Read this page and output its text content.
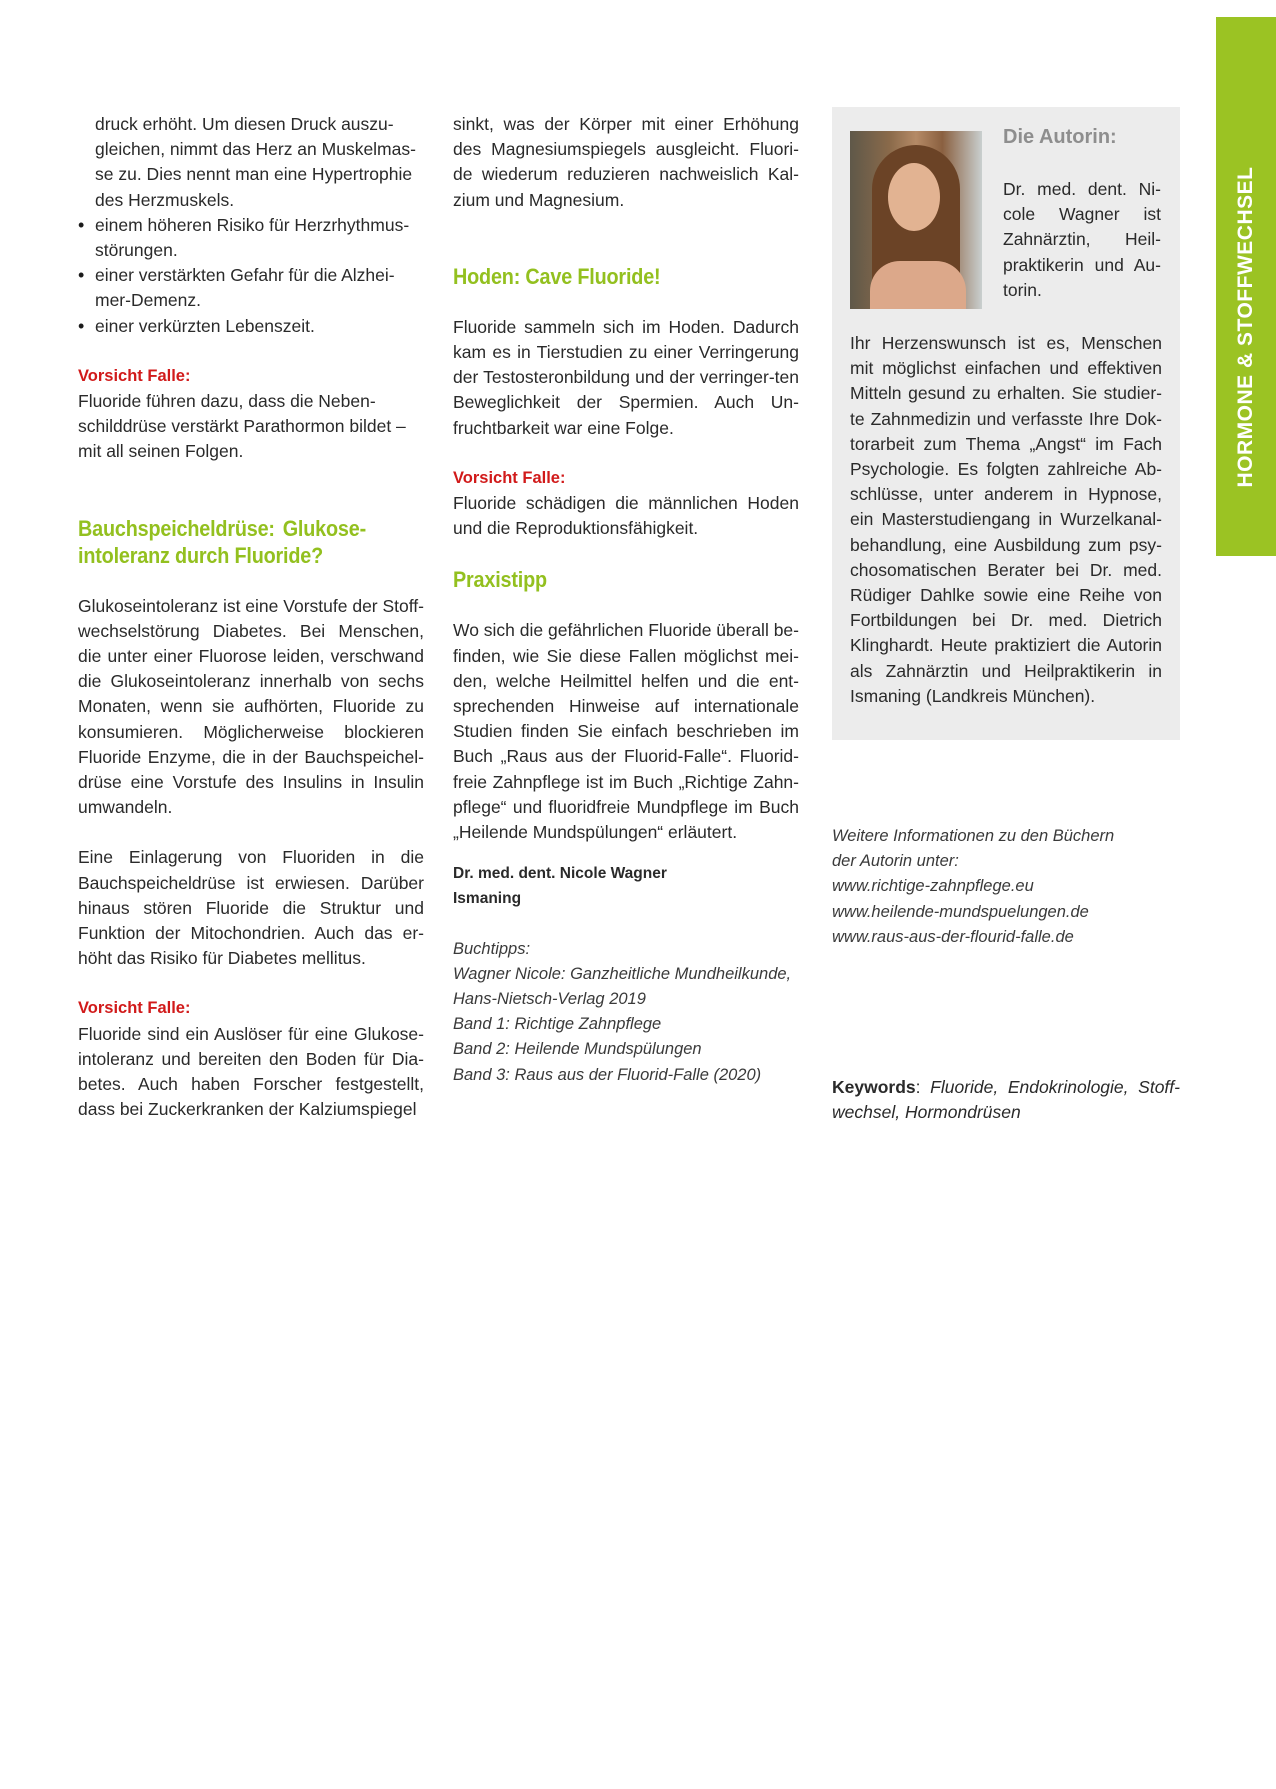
HORMONE & STOFFWECHSEL

druck erhöht. Um diesen Druck auszu-

gleichen, nimmt das Herz an Muskelmas-

se zu. Dies nennt man eine Hypertrophie

des Herzmuskels.

• einem höheren Risiko für Herzrhythmus-störungen.
• einer verstärkten Gefahr für die Alzhei-mer-Demenz.
• einer verkürzten Lebenszeit.

Vorsicht Falle:

Fluoride führen dazu, dass die Neben-schilddrüse verstärkt Parathormon bildet – mit all seinen Folgen.

Bauchspeicheldrüse: Glukose-intoleranz durch Fluoride?

Glukoseintoleranz ist eine Vorstufe der Stoff-wechselstörung Diabetes. Bei Menschen, die unter einer Fluorose leiden, verschwand die Glukoseintoleranz innerhalb von sechs Monaten, wenn sie aufhörten, Fluoride zu konsumieren. Möglicherweise blockieren Fluoride Enzyme, die in der Bauchspeichel-drüse eine Vorstufe des Insulins in Insulin umwandeln.

Eine Einlagerung von Fluoriden in die Bauchspeicheldrüse ist erwiesen. Darüber hinaus stören Fluoride die Struktur und Funktion der Mitochondrien. Auch das er-höht das Risiko für Diabetes mellitus.

Vorsicht Falle:

Fluoride sind ein Auslöser für eine Glukose-intoleranz und bereiten den Boden für Dia-betes. Auch haben Forscher festgestellt, dass bei Zuckerkranken der Kalziumspiegel

sinkt, was der Körper mit einer Erhöhung des Magnesiumspiegels ausgleicht. Fluori-de wiederum reduzieren nachweislich Kal-zium und Magnesium.

Hoden: Cave Fluoride!

Fluoride sammeln sich im Hoden. Dadurch kam es in Tierstudien zu einer Verringerung der Testosteronbildung und der verringer-ten Beweglichkeit der Spermien. Auch Un-fruchtbarkeit war eine Folge.

Vorsicht Falle:

Fluoride schädigen die männlichen Hoden und die Reproduktionsfähigkeit.

Praxistipp

Wo sich die gefährlichen Fluoride überall be-finden, wie Sie diese Fallen möglichst mei-den, welche Heilmittel helfen und die ent-sprechenden Hinweise auf internationale Studien finden Sie einfach beschrieben im Buch „Raus aus der Fluorid-Falle“. Fluorid-freie Zahnpflege ist im Buch „Richtige Zahn-pflege“ und fluoridfreie Mundpflege im Buch „Heilende Mundspülungen“ erläutert.

Dr. med. dent. Nicole Wagner

Ismaning

Buchtipps:
Wagner Nicole: Ganzheitliche Mundheilkunde,
Hans-Nietsch-Verlag 2019
Band 1: Richtige Zahnpflege
Band 2: Heilende Mundspülungen
Band 3: Raus aus der Fluorid-Falle (2020)
Die Autorin:
Dr. med. dent. Ni-cole Wagner ist Zahnärztin, Heil-praktikerin und Au-torin.
Ihr Herzenswunsch ist es, Menschen mit möglichst einfachen und effektiven Mitteln gesund zu erhalten. Sie studier-te Zahnmedizin und verfasste Ihre Dok-torarbeit zum Thema „Angst“ im Fach Psychologie. Es folgten zahlreiche Ab-schlüsse, unter anderem in Hypnose, ein Masterstudiengang in Wurzelkanal-behandlung, eine Ausbildung zum psy-chosomatischen Berater bei Dr. med. Rüdiger Dahlke sowie eine Reihe von Fortbildungen bei Dr. med. Dietrich Klinghardt. Heute praktiziert die Autorin als Zahnärztin und Heilpraktikerin in Ismaning (Landkreis München).
Weitere Informationen zu den Büchern
der Autorin unter:
www.richtige-zahnpflege.eu
www.heilende-mundspuelungen.de
www.raus-aus-der-flourid-falle.de
Keywords: Fluoride, Endokrinologie, Stoff-wechsel, Hormondrüsen
